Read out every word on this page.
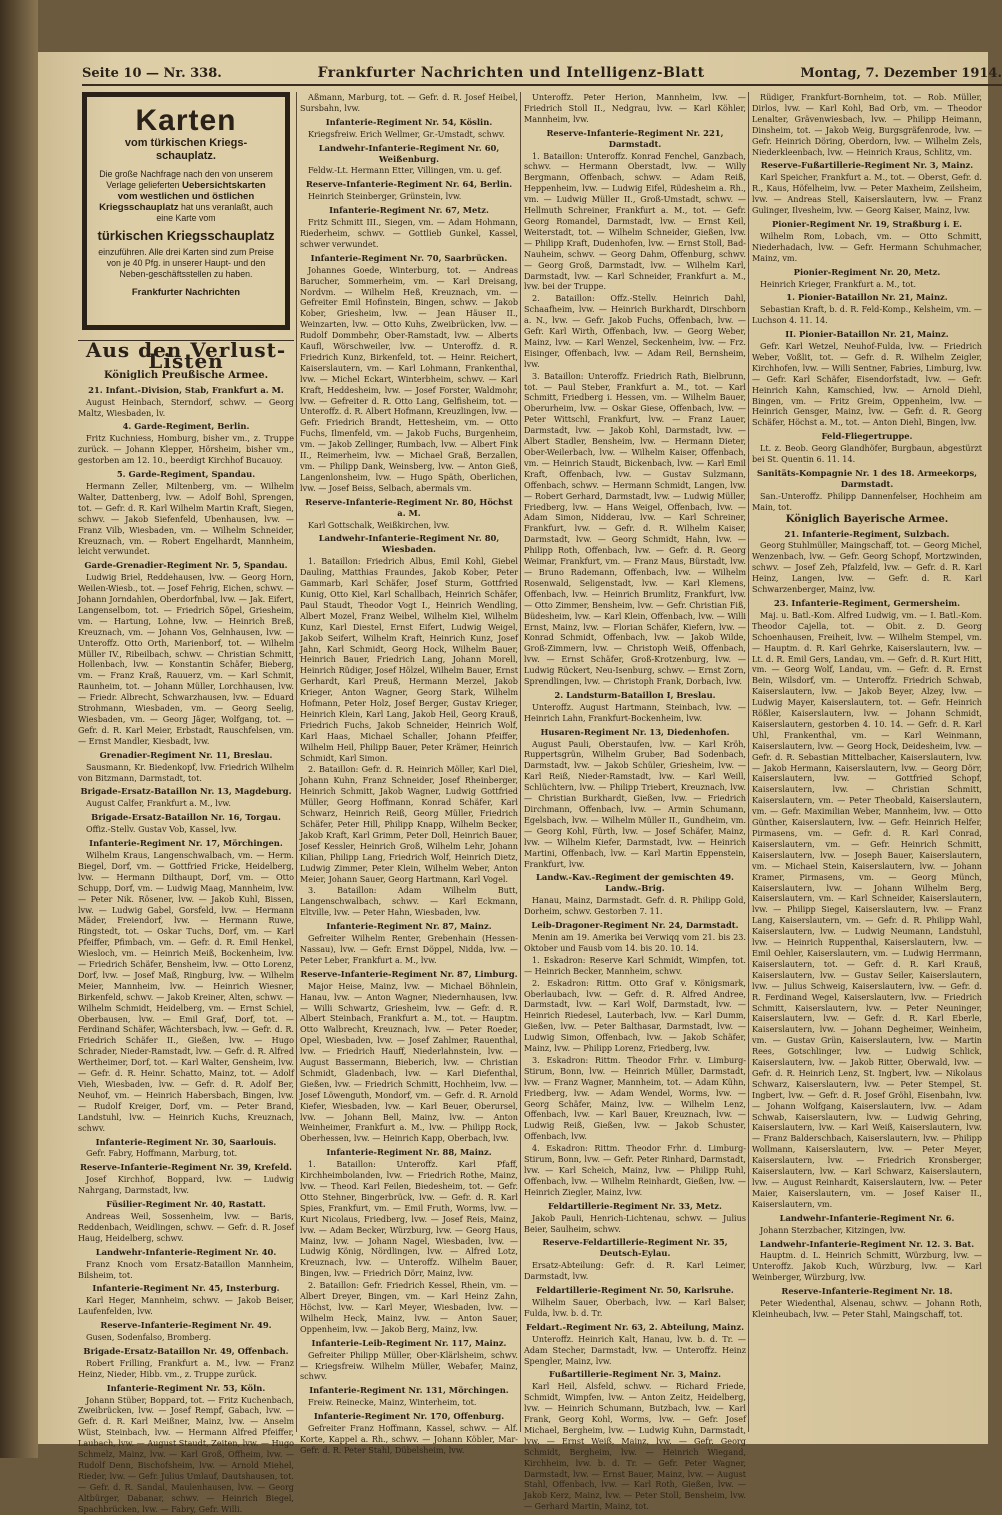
Seite 10 — Nr. 338.	Frankfurter Nachrichten und Intelligenz-Blatt	Montag, 7. Dezember 1914.
Karten
vom türkischen Kriegs-schauplatz.
Die große Nachfrage nach den von unserem Verlage gelieferten Uebersichtskarten vom westlichen und östlichen Kriegsschauplatz hat uns veranlaßt, auch eine Karte vom
türkischen Kriegsschauplatz
einzuführen. Alle drei Karten sind zum Preise von je 40 Pfg. in unserer Haupt- und den Neben-geschäftsstellen zu haben.
Frankfurter Nachrichten
Aus den Verlust-Listen
Königlich Preußische Armee.
21. Infant.-Division, Stab, Frankfurt a. M.

August Heinbach, Sterndorf, schwv. — Georg Maltz, Wiesbaden, lv.

4. Garde-Regiment, Berlin.

Fritz Kuchniess, Homburg, bisher vm., z. Truppe zurück. — Johann Klepper, Hörsheim, bisher vm., gestorben am 12. 10., beerdigt Kirchhof Bucauoy.

5. Garde-Regiment, Spandau.

Hermann Zeller, Miltenberg, vm. — Wilhelm Walter, Dattenberg, lvw. — Adolf Bohl, Sprengen, tot. — Gefr. d. R. Karl Wilhelm Martin Kraft, Siegen, schwv. — Jakob Siefenfeld, Ubenhausen, lvw. — Franz Vilb, Wiesbaden, vm. — Wilhelm Schneider, Kreuznach, vm. — Robert Engelhardt, Mannheim, leicht verwundet.

Garde-Grenadier-Regiment Nr. 5, Spandau.

Ludwig Briel, Reddehausen, lvw. — Georg Horn, Weilen-Wiesb., tot. — Josef Fehrig, Eichen, schwv. — Johann Jorndahlen, Oberdorfnbal, lvw. — Jak. Eifert, Langenselbom, tot. — Friedrich Söpel, Griesheim, vm. — Hartung, Lohne, lvw. — Heinrich Breß, Kreuznach, vm. — Johann Vos, Gelnhausen, lvw. — Unteroffz. Otto Orth, Marienborf, tot. — Wilhelm Müller IV., Ribeilbach, schwv. — Christian Schmitt, Hollenbach, lvw. — Konstantin Schäfer, Bieberg, vm. — Franz Kraß, Rauuerz, vm. — Karl Schmit, Raunheim, tot. — Johann Müller, Lorchhausen, lvw. — Friedr. Albrecht, Schwarzhausen, lvw. — Eduard Strohmann, Wiesbaden, vm. — Georg Seelig, Wiesbaden, vm. — Georg Jäger, Wolfgang, tot. — Gefr. d. R. Karl Meier, Erbstadt, Rauschfelsen, vm. — Ernst Mandler, Kiesbadt, lvw.

Grenadier-Regiment Nr. 11, Breslau.

Sausmann, Kr. Biedenkopf, lvw. Friedrich Wilhelm von Bitzmann, Darmstadt, tot.

Brigade-Ersatz-Bataillon Nr. 13, Magdeburg.

August Calfer, Frankfurt a. M., lvw.

Brigade-Ersatz-Bataillon Nr. 16, Torgau.

Offiz.-Stellv. Gustav Vob, Kassel, lvw.

Infanterie-Regiment Nr. 17, Mörchingen.

Wilhelm Kraus, Langenschwalbach, vm. — Herm. Biegel, Dorf, vm. — Gottfried Fricke, Heidelberg, lvw. — Hermann Dilthaupt, Dorf, vm. — Otto Schupp, Dorf, vm. — Ludwig Maag, Mannheim, lvw. — Peter Nik. Rösener, lvw. — Jakob Kuhl, Bissen, lvw. — Ludwig Gabel, Gorsfeld, lvw. — Hermann Mäder, Freiendorf, lvw. — Hermann Ruwe, Ringstedt, tot. — Oskar Tuchs, Dorf, vm. — Karl Pfeiffer, Pfimbach, vm. — Gefr. d. R. Emil Henkel, Wiesloch, vm. — Heinrich Meiß, Bockenheim, lvw. — Friedrich Schäfer, Bensheim, lvw. — Otto Lorenz, Dorf, lvw. — Josef Maß, Ringburg, lvw. — Wilhelm Meier, Mannheim, lvw. — Heinrich Wiesner, Birkenfeld, schwv. — Jakob Kreiner, Alten, schwv. — Wilhelm Schmidt, Heidelberg, vm. — Ernst Schiel, Oberbausen, lvw. — Emil Graf, Dorf, tot. — Ferdinand Schäfer, Wächtersbach, lvw. — Gefr. d. R. Friedrich Schäfer II., Gießen, lvw. — Hugo Schrader, Nieder-Ramstadt, lvw. — Gefr. d. R. Alfred Wertheimer, Dorf, tot. — Karl Walter, Gensheim, lvw. — Gefr. d. R. Heinr. Schatto, Mainz, tot. — Adolf Vieh, Wiesbaden, lvw. — Gefr. d. R. Adolf Ber, Neuhof, vm. — Heinrich Habersbach, Bingen, lvw. — Rudolf Kreiger, Dorf, vm. — Peter Brand, Landstuhl, lvw. — Heinrich Kuchs, Kreuznach, schwv.

Infanterie-Regiment Nr. 30, Saarlouis.

Gefr. Fabry, Hoffmann, Marburg, tot.

Reserve-Infanterie-Regiment Nr. 39, Krefeld.

Josef Kirchhof, Boppard, lvw. — Ludwig Nahrgang, Darmstadt, lvw.

Füsilier-Regiment Nr. 40, Rastatt.

Andreas Weil, Sossenheim, lvw. — Baris, Reddenbach, Weidlingen, schwv. — Gefr. d. R. Josef Haug, Heidelberg, schwv.

Landwehr-Infanterie-Regiment Nr. 40.

Franz Knoch vom Ersatz-Bataillon Mannheim, Bilsheim, tot.

Infanterie-Regiment Nr. 45, Insterburg.

Karl Heger, Mannheim, schwv. — Jakob Beiser, Laufenfelden, lvw.

Reserve-Infanterie-Regiment Nr. 49.

Gusen, Sodenfalso, Bromberg.

Brigade-Ersatz-Bataillon Nr. 49, Offenbach.

Robert Frilling, Frankfurt a. M., lvw. — Franz Heinz, Nieder, Hibb. vm., z. Truppe zurück.

Infanterie-Regiment Nr. 53, Köln.

Johann Stüber, Boppard, tot. — Fritz Kuchenbach, Zweibrücken, lvw. — Josef Rempf, Gabach, lvw. — Gefr. d. R. Karl Meißner, Mainz, lvw. — Anselm Wüst, Steinbach, lvw. — Hermann Alfred Pfeiffer, Laubach, lvw. — August Staudt, Zeiten, lvw. — Hugo Schmelz, Mainz, lvw. — Karl Groß, Offheim, lvw. — Rudolf Denn, Bischofsheim, lvw. — Arnold Miehel, Rieder, lvw. — Gefr. Julius Umlauf, Dautshausen, tot. — Gefr. d. R. Sandal, Maulenhausen, lvw. — Georg Altbürger, Dabanar, schwv. — Heinrich Biegel, Spachbrücken, lvw. — Fabry, Gefr. Willi.

Aßmann, Marburg, tot. — Gefr. d. R. Josef Heibel, Sursbahn, lvw.

Infanterie-Regiment Nr. 54, Köslin.

Kriegsfreiw. Erich Wellmer, Gr.-Umstadt, schwv.

Landwehr-Infanterie-Regiment Nr. 60, Weißenburg.

Feldw.-Lt. Hermann Etter, Villingen, vm. u. gef.

Reserve-Infanterie-Regiment Nr. 64, Berlin.

Heinrich Steinberger, Grünstein, lvw.

Infanterie-Regiment Nr. 67, Metz.

Fritz Schmitt III., Siegen, vm. — Adam Hohmann, Riederheim, schwv. — Gottlieb Gunkel, Kassel, schwer verwundet.

Infanterie-Regiment Nr. 70, Saarbrücken.

Johannes Goede, Winterburg, tot. — Andreas Barucher, Sommerheim, vm. — Karl Dreisang, Nordvm. — Wilhelm Heß, Kreuznach, vm. — Gefreiter Emil Hofinstein, Bingen, schwv. — Jakob Kober, Griesheim, lvw. — Jean Häuser II., Weinzarten, lvw. — Otto Kuhs, Zweibrücken, lvw. — Rudolf Dommbehr, Ober-Ramstadt, lvw. — Alberts Kaufl, Wörschweiler, lvw. — Unteroffz. d. R. Friedrich Kunz, Birkenfeld, tot. — Heinr. Reichert, Kaiserslautern, vm. — Karl Lohmann, Frankenthal, lvw. — Michel Eckart, Winterbheim, schwv. — Karl Kraft, Heddesheim, lvw. — Josef Forster, Waldmohr, lvw. — Gefreiter d. R. Otto Lang, Gelfisheim, tot. — Unteroffz. d. R. Albert Hofmann, Kreuzlingen, lvw. — Gefr. Friedrich Brandt, Hettesheim, vm. — Otto Fuchs, Ilmenfeld, vm. — Jakob Fuchs, Burgenheim, vm. — Jakob Zellinger, Rumbach, lvw. — Albert Fink II., Reimerheim, lvw. — Michael Graß, Berzallen, vm. — Philipp Dank, Weinsberg, lvw. — Anton Gieß, Langenlonsheim, lvw. — Hugo Späth, Oberlichen, lvw. — Josef Beiss, Selbach, abermals vm.

Reserve-Infanterie-Regiment Nr. 80, Höchst a. M.

Karl Gottschalk, Weißkirchen, lvw.

Landwehr-Infanterie-Regiment Nr. 80, Wiesbaden.

1. Bataillon: Friedrich Albus, Emil Kohl, Giebel Dauling, Matthias Fraundes, Jakob Kober, Peter Gammarb, Karl Schäfer, Josef Sturm, Gottfried Kunig, Otto Kiel, Karl Schallbach, Heinrich Schäfer, Paul Staudt, Theodor Vogt I., Heinrich Wendling, Albert Mozel, Franz Weibel, Wilhelm Kiel, Wilhelm Kunz, Karl Diestel, Ernst Eifert, Ludwig Weigel, Jakob Seifert, Wilhelm Kraft, Heinrich Kunz, Josef Jahn, Karl Schmidt, Georg Hock, Wilhelm Bauer, Heinrich Bauer, Friedrich Lang, Johann Morell, Heinrich Rüdiger, Josef Hölzel, Wilhelm Bauer, Ernst Gerhardt, Karl Preuß, Hermann Merzel, Jakob Krieger, Anton Wagner, Georg Stark, Wilhelm Hofmann, Peter Holz, Josef Berger, Gustav Krieger, Heinrich Klein, Karl Lang, Jakob Heil, Georg Krauß, Friedrich Fuchs, Jakob Schneider, Heinrich Wolf, Karl Haas, Michael Schaller, Johann Pfeiffer, Wilhelm Heil, Philipp Bauer, Peter Krämer, Heinrich Schmidt, Karl Simon.

2. Bataillon: Gefr. d. R. Heinrich Möller, Karl Diel, Johann Kuhn, Franz Schneider, Josef Rheinberger, Heinrich Schmitt, Jakob Wagner, Ludwig Gottfried Müller, Georg Hoffmann, Konrad Schäfer, Karl Schwarz, Heinrich Reiß, Georg Müller, Friedrich Schäfer, Peter Hill, Philipp Knapp, Wilhelm Becker, Jakob Kraft, Karl Grimm, Peter Doll, Heinrich Bauer, Josef Kessler, Heinrich Groß, Wilhelm Lehr, Johann Kilian, Philipp Lang, Friedrich Wolf, Heinrich Dietz, Ludwig Zimmer, Peter Klein, Wilhelm Weber, Anton Meier, Johann Sauer, Georg Hartmann, Karl Vogel.

3. Bataillon: Adam Wilhelm Butt, Langenschwalbach, schwv. — Karl Eckmann, Eltville, lvw. — Peter Hahn, Wiesbaden, lvw.

Infanterie-Regiment Nr. 87, Mainz.

Gefreiter Wilhelm Renter, Grebenhain (Hessen-Nassau), lvw. — Gefr. Ernst Döppel, Nidda, lvw. — Peter Leber, Frankfurt a. M., lvw.

Reserve-Infanterie-Regiment Nr. 87, Limburg.

Major Heise, Mainz, lvw. — Michael Böhnlein, Hanau, lvw. — Anton Wagner, Niedernhausen, lvw. — Willi Schwartz, Griesheim, lvw. — Gefr. d. R. Albert Steinbach, Frankfurt a. M., tot. — Hauptm. Otto Walbrecht, Kreuznach, lvw. — Peter Roeder, Opel, Wiesbaden, lvw. — Josef Zahlmer, Rauenthal, lvw. — Friedrich Hauff, Niederlahnstein, lvw. — August Bassermann, Bieberich, lvw. — Christian Schmidt, Gladenbach, lvw. — Karl Diefenthal, Gießen, lvw. — Friedrich Schmitt, Hochheim, lvw. — Josef Löwenguth, Mondorf, vm. — Gefr. d. R. Arnold Kiefer, Wiesbaden, lvw. — Karl Beuer, Oberursel, lvw. — Johann Bell, Mainz, lvw. — Anton Weinheimer, Frankfurt a. M., lvw. — Philipp Rock, Oberhessen, lvw. — Heinrich Kapp, Oberbach, lvw.

Infanterie-Regiment Nr. 88, Mainz.

1. Bataillon: Unteroffz. Karl Pfaff, Kirchheimbolanden, lvw. — Friedrich Rothe, Mainz, lvw. — Theod. Karl Feilen, Biedesheim, tot. — Gefr. Otto Stehner, Bingerbrück, lvw. — Gefr. d. R. Karl Spies, Frankfurt, vm. — Emil Fruth, Worms, lvw. — Kurt Nicolaus, Friedberg, lvw. — Josef Reis, Mainz, lvw. — Adam Becker, Würzburg, lvw. — Georg Haus, Mainz, lvw. — Johann Nagel, Wiesbaden, lvw. — Ludwig König, Nördlingen, lvw. — Alfred Lotz, Kreuznach, lvw. — Unteroffz. Wilhelm Bauer, Bingen, lvw. — Friedrich Dörr, Mainz, lvw.

2. Bataillon: Gefr. Friedrich Kessel, Rhein, vm. — Albert Dreyer, Bingen, vm. — Karl Heinz Zahn, Höchst, lvw. — Karl Meyer, Wiesbaden, lvw. — Wilhelm Heck, Mainz, lvw. — Anton Sauer, Oppenheim, lvw. — Jakob Berg, Mainz, lvw.

Infanterie-Leib-Regiment Nr. 117, Mainz.

Gefreiter Philipp Müller, Ober-Klärlsheim, schwv. — Kriegsfreiw. Wilhelm Müller, Webafer, Mainz, schwv.

Infanterie-Regiment Nr. 131, Mörchingen.

Freiw. Reinecke, Mainz, Winterheim, tot.

Infanterie-Regiment Nr. 170, Offenburg.

Gefreiter Franz Hoffmann, Kassel, schwv. — Alf. Korte, Kappel a. Rh., schwv. — Johann Köbler, Mar-Gefr. d. R. Peter Stahl, Dübelsheim, lvw.

Unteroffz. Peter Herion, Mannheim, lvw. — Friedrich Stoll II., Nedgrau, lvw. — Karl Köhler, Mannheim, lvw.

Reserve-Infanterie-Regiment Nr. 221, Darmstadt.

1. Bataillon: Unteroffz. Konrad Fenchel, Ganzbach, schwv. — Hermann Oberstadt, lvw. — Willy Bergmann, Offenbach, schwv. — Adam Reiß, Heppenheim, lvw. — Ludwig Eifel, Rüdesheim a. Rh., vm. — Ludwig Müller II., Groß-Umstadt, schwv. — Hellmuth Schreiner, Frankfurt a. M., tot. — Gefr. Georg Romandel, Darmstadt, lvw. — Ernst Keil, Weiterstadt, tot. — Wilhelm Schneider, Gießen, lvw. — Philipp Kraft, Dudenhofen, lvw. — Ernst Stoll, Bad-Nauheim, schwv. — Georg Dahm, Offenburg, schwv. — Georg Groß, Darmstadt, lvw. — Wilhelm Karl, Darmstadt, lvw. — Karl Schneider, Frankfurt a. M., lvw. bei der Truppe.

2. Bataillon: Offz.-Stellv. Heinrich Dahl, Schaafheim, lvw. — Heinrich Burkhardt, Dirschborn a. N., lvw. — Gefr. Jakob Fuchs, Offenbach, lvw. — Gefr. Karl Wirth, Offenbach, lvw. — Georg Weber, Mainz, lvw. — Karl Wenzel, Seckenheim, lvw. — Frz. Eisinger, Offenbach, lvw. — Adam Reil, Bernsheim, lvw.

3. Bataillon: Unteroffz. Friedrich Rath, Bielbrunn, tot. — Paul Steber, Frankfurt a. M., tot. — Karl Schmitt, Friedberg i. Hessen, vm. — Wilhelm Bauer, Oberurheim, lvw. — Oskar Giese, Offenbach, lvw. — Peter Wittschl, Frankfurt, lvw. — Franz Lauer, Darmstadt, lvw. — Jakob Kohl, Darmstadt, lvw. — Albert Stadler, Bensheim, lvw. — Hermann Dieter, Ober-Weilerbach, lvw. — Wilhelm Kaiser, Offenbach, vm. — Heinrich Staudt, Bickenbach, lvw. — Karl Emil Kraft, Offenbach, lvw. — Gustav Sulzmann, Offenbach, schwv. — Hermann Schmidt, Langen, lvw. — Robert Gerhard, Darmstadt, lvw. — Ludwig Müller, Friedberg, lvw. — Hans Weigel, Offenbach, lvw. — Adam Simon, Nidderau, lvw. — Karl Schreiner, Frankfurt, lvw. — Gefr. d. R. Wilhelm Kaiser, Darmstadt, lvw. — Georg Schmidt, Hahn, lvw. — Philipp Roth, Offenbach, lvw. — Gefr. d. R. Georg Weimar, Frankfurt, vm. — Franz Maus, Bürstadt, lvw. — Bruno Rademann, Offenbach, lvw. — Wilhelm Rosenwald, Seligenstadt, lvw. — Karl Klemens, Offenbach, lvw. — Heinrich Brumlitz, Frankfurt, lvw. — Otto Zimmer, Bensheim, lvw. — Gefr. Christian Fiß, Büdesheim, lvw. — Karl Klein, Offenbach, lvw. — Willi Ernst, Mainz, lvw. — Florian Schäfer, Kiefern, lvw. — Konrad Schmidt, Offenbach, lvw. — Jakob Wilde, Groß-Zimmern, lvw. — Christoph Weiß, Offenbach, lvw. — Ernst Schäfer, Groß-Krotzenburg, lvw. — Ludwig Rückert, Neu-Isenburg, schwv. — Ernst Zorn, Sprendlingen, lvw. — Christoph Frank, Dorbach, lvw.

2. Landsturm-Bataillon I, Breslau.

Unteroffz. August Hartmann, Steinbach, lvw. — Heinrich Lahn, Frankfurt-Bockenheim, lvw.

Husaren-Regiment Nr. 13, Diedenhofen.

August Pauli, Oberstaufen, lvw. — Karl Kröh, Ruppertsgrün, Wilhelm Gruber, Bad Sodenbach, Darmstadt, lvw. — Jakob Schüler, Griesheim, lvw. — Karl Reiß, Nieder-Ramstadt, lvw. — Karl Weill, Schlüchtern, lvw. — Philipp Triebert, Kreuznach, lvw. — Christian Burkhardt, Gießen, lvw. — Friedrich Dirchmann, Offenbach, lvw. — Armin Schumann, Egelsbach, lvw. — Wilhelm Müller II., Gundheim, vm. — Georg Kohl, Fürth, lvw. — Josef Schäfer, Mainz, lvw. — Wilhelm Kiefer, Darmstadt, lvw. — Heinrich Martini, Offenbach, lvw. — Karl Martin Eppenstein, Frankfurt, lvw.

Landw.-Kav.-Regiment der gemischten 49. Landw.-Brig.

Hanau, Mainz, Darmstadt. Gefr. d. R. Philipp Gold, Dorheim, schwv. Gestorben 7. 11.

Leib-Dragoner-Regiment Nr. 24, Darmstadt.

Menin am 19. Amerika bei Verwiqq vom 21. bis 23. Oktober und Fausb vom 14. bis 20. 10. 14.

1. Eskadron: Reserve Karl Schmidt, Wimpfen, tot. — Heinrich Becker, Mannheim, schwv.

2. Eskadron: Rittm. Otto Graf v. Königsmark, Oberlaubach, lvw. — Gefr. d. R. Alfred Andree, Darmstadt, lvw. — Karl Wolf, Darmstadt, lvw. — Heinrich Riedesel, Lauterbach, lvw. — Karl Dumm, Gießen, lvw. — Peter Balthasar, Darmstadt, lvw. — Ludwig Simon, Offenbach, lvw. — Jakob Schäfer, Mainz, lvw. — Philipp Lorenz, Friedberg, lvw.

3. Eskadron: Rittm. Theodor Frhr. v. Limburg-Stirum, Bonn, lvw. — Heinrich Müller, Darmstadt, lvw. — Franz Wagner, Mannheim, tot. — Adam Kühn, Friedberg, lvw. — Adam Wendel, Worms, lvw. — Georg Schäfer, Mainz, lvw. — Wilhelm Lenz, Offenbach, lvw. — Karl Bauer, Kreuznach, lvw. — Ludwig Reiß, Gießen, lvw. — Jakob Schuster, Offenbach, lvw.

4. Eskadron: Rittm. Theodor Frhr. d. Limburg-Stirum, Bonn, lvw. — Gefr. Peter Rinhard, Darmstadt, lvw. — Karl Scheich, Mainz, lvw. — Philipp Ruhl, Offenbach, lvw. — Wilhelm Reinhardt, Gießen, lvw. — Heinrich Ziegler, Mainz, lvw.

Feldartillerie-Regiment Nr. 33, Metz.

Jakob Pauli, Henrich-Lichtenau, schwv. — Julius Beier, Saulheim, schwv.

Reserve-Feldartillerie-Regiment Nr. 35, Deutsch-Eylau.

Ersatz-Abteilung: Gefr. d. R. Karl Leimer, Darmstadt, lvw.

Feldartillerie-Regiment Nr. 50, Karlsruhe.

Wilhelm Sauer, Oberbach, lvw. — Karl Balser, Fulda, lvw. b. d. Tr.

Feldart.-Regiment Nr. 63, 2. Abteilung, Mainz.

Unteroffz. Heinrich Kalt, Hanau, lvw. b. d. Tr. — Adam Stecher, Darmstadt, lvw. — Unteroffz. Heinz Spengler, Mainz, lvw.

Fußartillerie-Regiment Nr. 3, Mainz.

Karl Heil, Alsfeld, schwv. — Richard Friede, Schmidt, Wimpfen, lvw. — Anton Zeitz, Heidelberg, lvw. — Heinrich Schumann, Butzbach, lvw. — Karl Frank, Georg Kohl, Worms, lvw. — Gefr. Josef Michael, Bergheim, lvw. — Ludwig Kuhn, Darmstadt, lvw. — Ernst Weiß, Mainz, lvw. — Gefr. Georg Schmidt, Bergheim, lvw. — Heinrich Wiegand, Kirchheim, lvw. b. d. Tr. — Gefr. Peter Wagner, Darmstadt, lvw. — Ernst Bauer, Mainz, lvw. — August Stahl, Offenbach, lvw. — Karl Roth, Gießen, lvw. — Jakob Kerz, Mainz, lvw. — Peter Stoll, Bensheim, lvw. — Gerhard Martin, Mainz, tot.

Rüdiger, Frankfurt-Bornheim, tot. — Rob. Müller, Dirlos, lvw. — Karl Kohl, Bad Orb, vm. — Theodor Lenalter, Grävenwiesbach, lvw. — Philipp Heimann, Dinsheim, tot. — Jakob Weig, Burgsgräfenrode, lvw. — Gefr. Heinrich Döring, Oberdorn, lvw. — Wilhelm Zels, Niederkleenbach, lvw. — Heinrich Kraus, Schlitz, vm.

Reserve-Fußartillerie-Regiment Nr. 3, Mainz.

Karl Speicher, Frankfurt a. M., tot. — Oberst, Gefr. d. R., Kaus, Höfelheim, lvw. — Peter Maxheim, Zeilsheim, lvw. — Andreas Stell, Kaiserslautern, lvw. — Franz Gulinger, Ilvesheim, lvw. — Georg Kaiser, Mainz, lvw.

Pionier-Regiment Nr. 19, Straßburg i. E.

Wilhelm Rom, Lobach, vm. — Otto Schmitt, Niederhadach, lvw. — Gefr. Hermann Schuhmacher, Mainz, vm.

Pionier-Regiment Nr. 20, Metz.

Heinrich Krieger, Frankfurt a. M., tot.

1. Pionier-Bataillon Nr. 21, Mainz.

Sebastian Kraft, b. d. R. Feld-Komp., Kelsheim, vm. — Luchson 4. 11. 14.

II. Pionier-Bataillon Nr. 21, Mainz.

Gefr. Karl Wetzel, Neuhof-Fulda, lvw. — Friedrich Weber, Voßlit, tot. — Gefr. d. R. Wilhelm Zeigler, Kirchhofen, lvw. — Willi Sentner, Fabries, Limburg, lvw. — Gefr. Karl Schäfer, Eisendorfstadt, lvw. — Gefr. Heinrich Kahn, Kamschied, lvw. — Arnold Diehl, Bingen, vm. — Fritz Greim, Oppenheim, lvw. — Heinrich Gensger, Mainz, lvw. — Gefr. d. R. Georg Schäfer, Höchst a. M., tot. — Anton Diehl, Bingen, lvw.

Feld-Fliegertruppe.

Lt. z. Beob. Georg Glandhöfer, Burgbaun, abgestürzt bei St. Quentin 6. 11. 14.

Sanitäts-Kompagnie Nr. 1 des 18. Armeekorps, Darmstadt.

San.-Unteroffz. Philipp Dannenfelser, Hochheim am Main, tot.

Königlich Bayerische Armee.
21. Infanterie-Regiment, Sulzbach.

Georg Stuhlmüller, Maingschaff, tot. — Georg Michel, Wenzenbach, lvw. — Gefr. Georg Schopf, Mortzwinden, schwv. — Josef Zeh, Pfalzfeld, lvw. — Gefr. d. R. Karl Heinz, Langen, lvw. — Gefr. d. R. Karl Schwarzenberger, Mainz, lvw.

23. Infanterie-Regiment, Germersheim.

Maj. u. Batl.-Kom. Alfred Ludwig, vm. — I. Batl.-Kom. Theodor Cajella, tot. — Obit. z. D. Georg Schoenhausen, Freiheit, lvw. — Wilhelm Stempel, vm. — Hauptm. d. R. Karl Gehrke, Kaiserslautern, lvw. — Lt. d. R. Emil Gers, Landau, vm. — Gefr. d. R. Kurt Hitt, vm. — Georg Wolf, Landau, vm. — Gefr. d. R. Ernst Bein, Wilsdorf, vm. — Unteroffz. Friedrich Schwab, Kaiserslautern, lvw. — Jakob Beyer, Alzey, lvw. — Ludwig Mayer, Kaiserslautern, tot. — Gefr. Heinrich Rößler, Kaiserslautern, lvw. — Johann Schmidt, Kaiserslautern, gestorben 4. 10. 14. — Gefr. d. R. Karl Uhl, Frankenthal, vm. — Karl Weinmann, Kaiserslautern, lvw. — Georg Hock, Deidesheim, lvw. — Gefr. d. R. Sebastian Mittelbacher, Kaiserslautern, lvw. — Jakob Hermann, Kaiserslautern, lvw. — Georg Dörr, Kaiserslautern, lvw. — Gottfried Schopf, Kaiserslautern, lvw. — Christian Schmitt, Kaiserslautern, vm. — Peter Theobald, Kaiserslautern, vm. — Gefr. Maximilian Weber, Mannheim, lvw. — Otto Günther, Kaiserslautern, lvw. — Gefr. Heinrich Helfer, Pirmasens, vm. — Gefr. d. R. Karl Conrad, Kaiserslautern, vm. — Gefr. Heinrich Schmitt, Kaiserslautern, lvw. — Joseph Bauer, Kaiserslautern, vm. — Michael Stein, Kaiserslautern, lvw. — Johann Kramer, Pirmasens, vm. — Georg Münch, Kaiserslautern, lvw. — Johann Wilhelm Berg, Kaiserslautern, vm. — Karl Schneider, Kaiserslautern, lvw. — Philipp Siegel, Kaiserslautern, lvw. — Franz Lang, Kaiserslautern, vm. — Gefr. d. R. Philipp Wahl, Kaiserslautern, lvw. — Ludwig Neumann, Landstuhl, lvw. — Heinrich Ruppenthal, Kaiserslautern, lvw. — Emil Oehler, Kaiserslautern, vm. — Ludwig Herrmann, Kaiserslautern, tot. — Gefr. d. R. Karl Krauß, Kaiserslautern, lvw. — Gustav Seiler, Kaiserslautern, lvw. — Julius Schweig, Kaiserslautern, lvw. — Gefr. d. R. Ferdinand Wegel, Kaiserslautern, lvw. — Friedrich Schmitt, Kaiserslautern, lvw. — Peter Neuninger, Kaiserslautern, lvw. — Gefr. d. R. Karl Eberle, Kaiserslautern, lvw. — Johann Degheimer, Weinheim, vm. — Gustav Grün, Kaiserslautern, lvw. — Martin Rees, Gotschlinger, lvw. — Ludwig Schlick, Kaiserslautern, lvw. — Jakob Ritter, Oberwald, lvw. — Gefr. d. R. Heinrich Lenz, St. Ingbert, lvw. — Nikolaus Schwarz, Kaiserslautern, lvw. — Peter Stempel, St. Ingbert, lvw. — Gefr. d. R. Josef Gröhl, Eisenbahn, lvw. — Johann Wolfgang, Kaiserslautern, lvw. — Adam Schwab, Kaiserslautern, lvw. — Ludwig Gehring, Kaiserslautern, lvw. — Karl Weiß, Kaiserslautern, lvw. — Franz Balderschbach, Kaiserslautern, lvw. — Philipp Wollmann, Kaiserslautern, lvw. — Peter Meyer, Kaiserslautern, lvw. — Friedrich Kronsberger, Kaiserslautern, lvw. — Karl Schwarz, Kaiserslautern, lvw. — August Reinhardt, Kaiserslautern, lvw. — Peter Maier, Kaiserslautern, vm. — Josef Kaiser II., Kaiserslautern, vm.

Landwehr-Infanterie-Regiment Nr. 6.

Johann Sterzbacher, Kitzingen, lvw.

Landwehr-Infanterie-Regiment Nr. 12. 3. Bat.

Hauptm. d. L. Heinrich Schmitt, Würzburg, lvw. — Unteroffz. Jakob Kuch, Würzburg, lvw. — Karl Weinberger, Würzburg, lvw.

Reserve-Infanterie-Regiment Nr. 18.

Peter Wiedenthal, Alsenau, schwv. — Johann Roth, Kleinheubach, lvw. — Peter Stahl, Maingschaff, tot.
